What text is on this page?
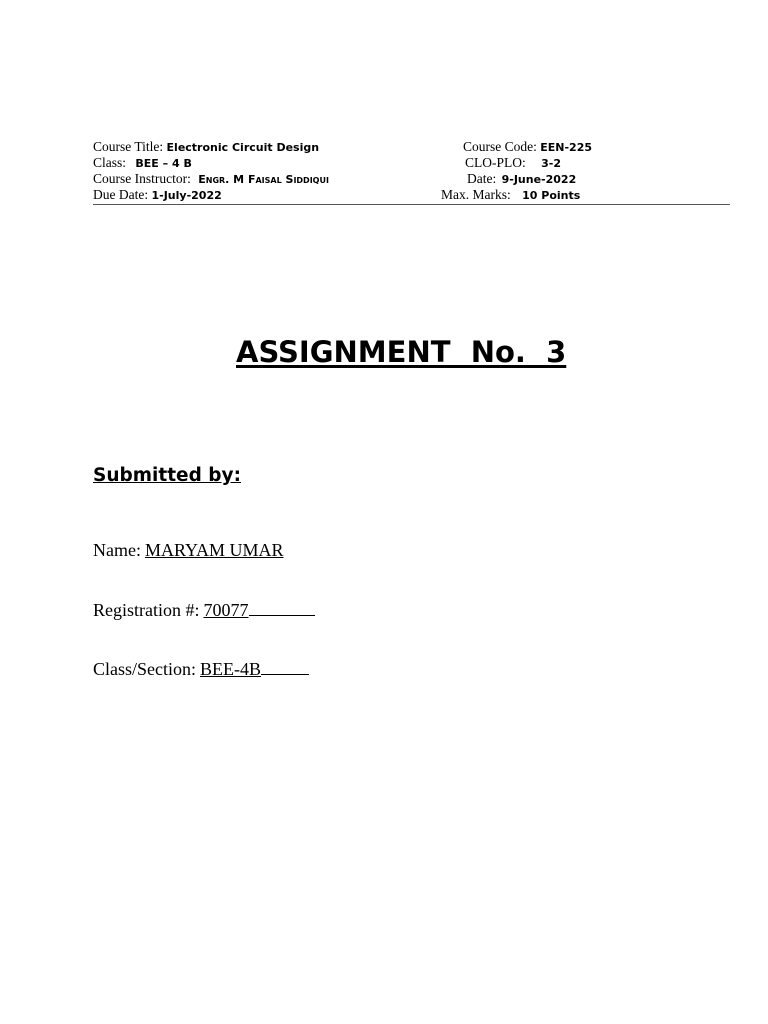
Course Title: Electronic Circuit Design	Course Code: EEN-225
Class: BEE – 4 B	CLO-PLO: 3-2
Course Instructor: Engr. M Faisal Siddiqui	Date: 9-June-2022
Due Date: 1-July-2022	Max. Marks: 10 Points
ASSIGNMENT  No.  3
Submitted by:
Name: MARYAM UMAR
Registration #: 70077
Class/Section: BEE-4B
